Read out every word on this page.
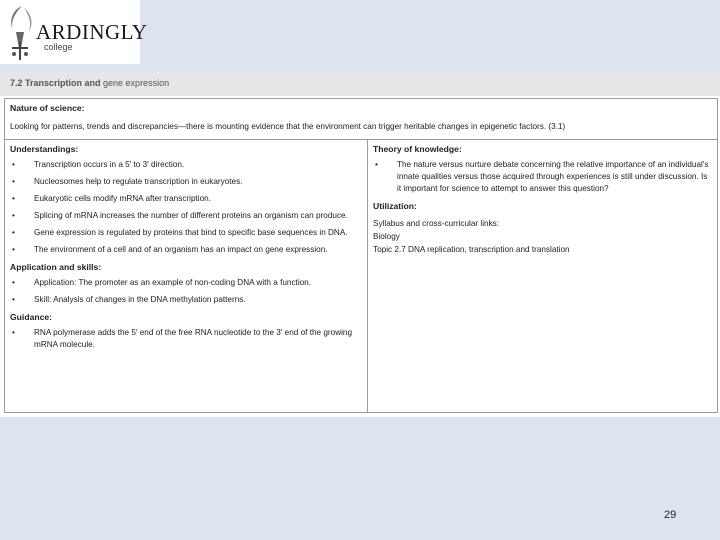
ARDINGLY
college
7.2 Transcription and gene expression
Nature of science:
Looking for patterns, trends and discrepancies—there is mounting evidence that the environment can trigger heritable changes in epigenetic factors. (3.1)

Understandings:
• Transcription occurs in a 5′ to 3′ direction.
• Nucleosomes help to regulate transcription in eukaryotes.
• Eukaryotic cells modify mRNA after transcription.
• Splicing of mRNA increases the number of different proteins an organism can produce.
• Gene expression is regulated by proteins that bind to specific base sequences in DNA.
• The environment of a cell and of an organism has an impact on gene expression.
Application and skills:
• Application: The promoter as an example of non-coding DNA with a function.
• Skill: Analysis of changes in the DNA methylation patterns.
Guidance:
• RNA polymerase adds the 5′ end of the free RNA nucleotide to the 3′ end of the growing mRNA molecule.

Theory of knowledge:
• The nature versus nurture debate concerning the relative importance of an individual's innate qualities versus those acquired through experiences is still under discussion. Is it important for science to attempt to answer this question?
Utilization:
Syllabus and cross-curricular links:
Biology
Topic 2.7 DNA replication, transcription and translation
29
